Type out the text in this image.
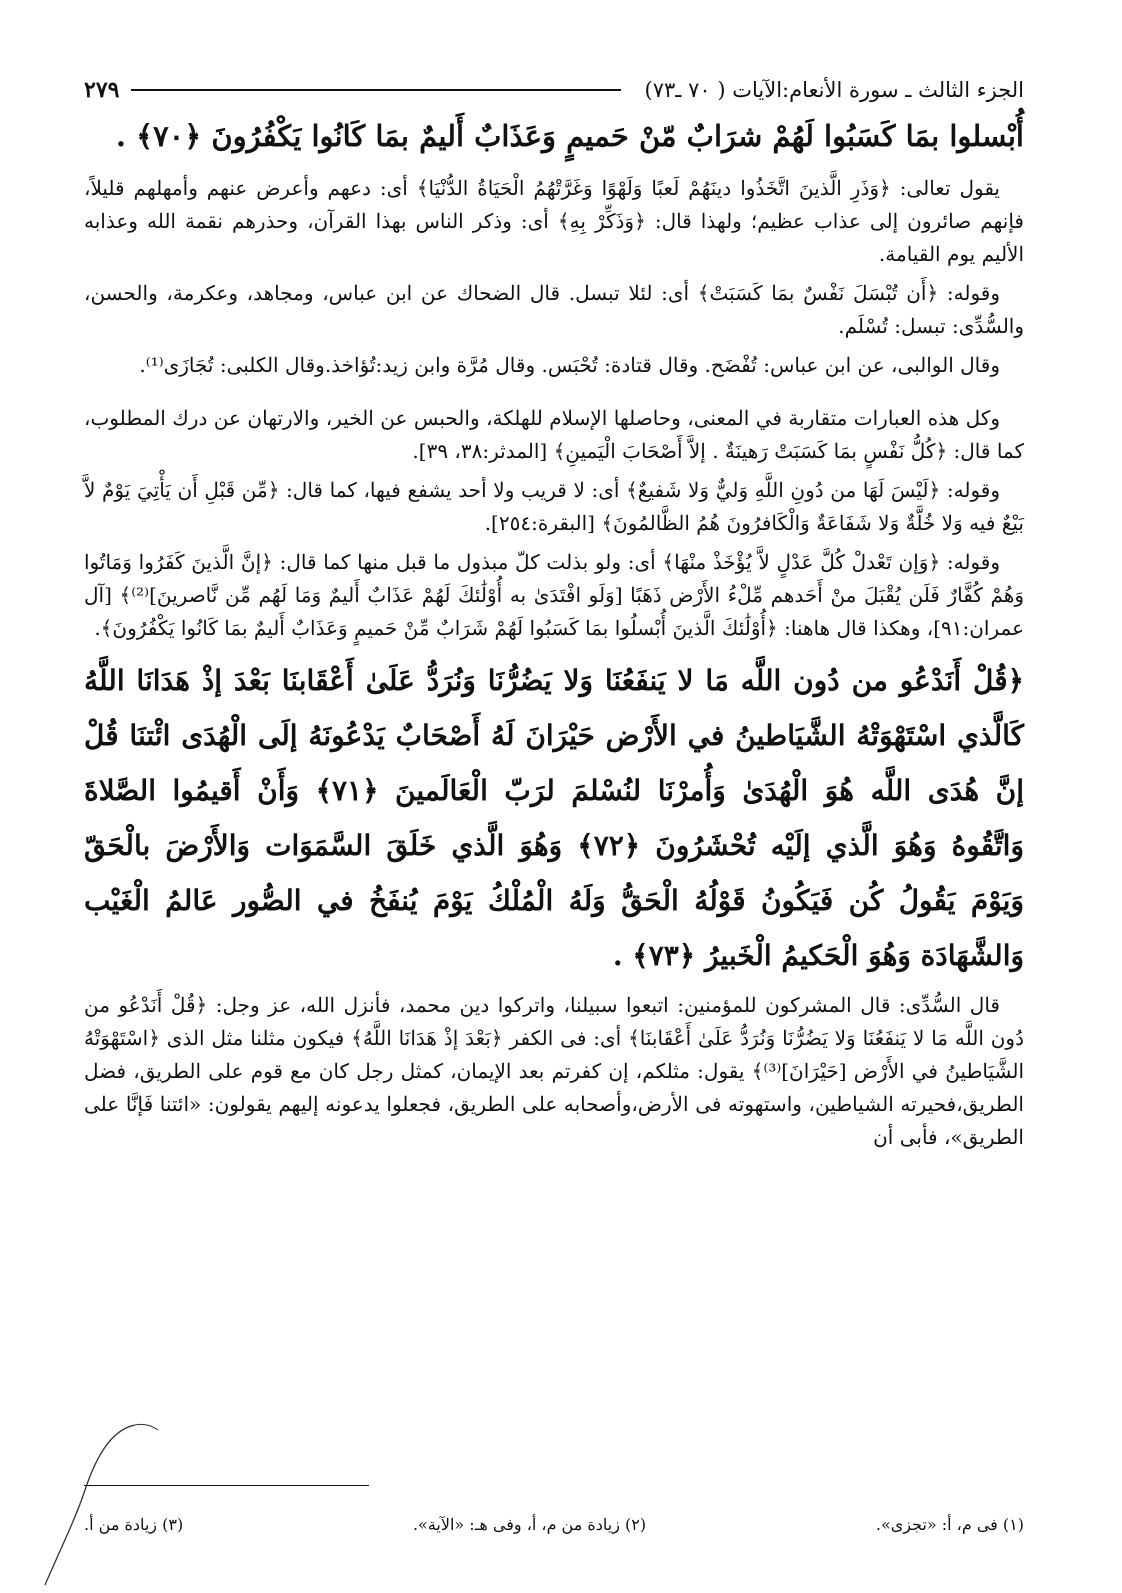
الجزء الثالث ـ سورة الأنعام:الآيات ( ٧٠ ـ٧٣)
٢٧٩

أُبْسلوا بمَا كَسَبُوا لَهُمْ شرَابٌ مّنْ حَميمٍ وَعَذَابٌ أَليمٌ بمَا كَانُوا يَكْفُرُونَ ﴿٧٠﴾ .

يقول تعالى: ﴿وَذَرِ الَّذينَ اتَّخَذُوا دينَهُمْ لَعبًا وَلَهْوًا وَغَرَّتْهُمُ الْحَيَاةُ الدُّنْيَا﴾ أى: دعهم وأعرض عنهم وأمهلهم قليلاً، فإنهم صائرون إلى عذاب عظيم؛ ولهذا قال: ﴿وَذَكِّرْ بِهِ﴾ أى: وذكر الناس بهذا القرآن، وحذرهم نقمة الله وعذابه الأليم يوم القيامة.

وقوله: ﴿أَن تُبْسَلَ نَفْسٌ بمَا كَسَبَتْ﴾ أى: لئلا تبسل. قال الضحاك عن ابن عباس، ومجاهد، وعكرمة، والحسن، والسُّدِّى: تبسل: تُسْلَم.

وقال الوالبى، عن ابن عباس: تُفْضَح. وقال قتادة: تُحْبَس. وقال مُرَّة وابن زيد:تُؤاخذ.وقال الكلبى: تُجَازَى⁽¹⁾.

وكل هذه العبارات متقاربة في المعنى، وحاصلها الإسلام للهلكة، والحبس عن الخير، والارتهان عن درك المطلوب، كما قال: ﴿كُلُّ نَفْسٍ بمَا كَسَبَتْ رَهينَةٌ . إلاَّ أَصْحَابَ الْيَمينِ﴾ [المدثر:٣٨، ٣٩].

وقوله: ﴿لَيْسَ لَهَا من دُونِ اللَّهِ وَليٌّ وَلا شَفيعٌ﴾ أى: لا قريب ولا أحد يشفع فيها، كما قال: ﴿مِّن قَبْلِ أَن يَأْتِيَ يَوْمٌ لاَّ بَيْعٌ فيه وَلا خُلَّةٌ وَلا شَفَاعَةٌ وَالْكَافرُونَ هُمُ الظَّالمُونَ﴾ [البقرة:٢٥٤].

وقوله: ﴿وَإن تَعْدلْ كُلَّ عَدْلٍ لاَّ يُؤْخَذْ منْهَا﴾ أى: ولو بذلت كلّ مبذول ما قبل منها كما قال: ﴿إنَّ الَّذينَ كَفَرُوا وَمَاتُوا وَهُمْ كُفَّارٌ فَلَن يُقْبَلَ منْ أَحَدهم مِّلْءُ الأَرْض ذَهَبًا [وَلَو افْتَدَىٰ به أُوْلَٰئكَ لَهُمْ عَذَابٌ أَليمٌ وَمَا لَهُم مِّن نَّاصرينَ]⁽²⁾﴾ [آل عمران:٩١]، وهكذا قال هاهنا: ﴿أُوْلَٰئكَ الَّذينَ أُبْسلُوا بمَا كَسَبُوا لَهُمْ شَرَابٌ مِّنْ حَميمٍ وَعَذَابٌ أَليمٌ بمَا كَانُوا يَكْفُرُونَ﴾.

﴿قُلْ أَنَدْعُو من دُون اللَّه مَا لا يَنفَعُنَا وَلا يَضُرُّنَا وَنُرَدُّ عَلَىٰ أَعْقَابنَا بَعْدَ إذْ هَدَانَا اللَّهُ كَالَّذي اسْتَهْوَتْهُ الشَّيَاطينُ في الأَرْض حَيْرَانَ لَهُ أَصْحَابٌ يَدْعُونَهُ إلَى الْهُدَى ائْتنَا قُلْ إنَّ هُدَى اللَّه هُوَ الْهُدَىٰ وَأُمرْنَا لنُسْلمَ لرَبّ الْعَالَمينَ ﴿٧١﴾ وَأَنْ أَقيمُوا الصَّلاةَ وَاتَّقُوهُ وَهُوَ الَّذي إلَيْه تُحْشَرُونَ ﴿٧٢﴾ وَهُوَ الَّذي خَلَقَ السَّمَوَات وَالأَرْضَ بالْحَقّ وَيَوْمَ يَقُولُ كُن فَيَكُونُ قَوْلُهُ الْحَقُّ وَلَهُ الْمُلْكُ يَوْمَ يُنفَخُ في الصُّور عَالمُ الْغَيْب وَالشَّهَادَة وَهُوَ الْحَكيمُ الْخَبيرُ ﴿٧٣﴾ .

قال السُّدِّى: قال المشركون للمؤمنين: اتبعوا سبيلنا، واتركوا دين محمد، فأنزل الله، عز وجل: ﴿قُلْ أَنَدْعُو من دُون اللَّه مَا لا يَنفَعُنَا وَلا يَضُرُّنَا وَنُرَدُّ عَلَىٰ أَعْقَابنَا﴾ أى: فى الكفر ﴿بَعْدَ إذْ هَدَانَا اللَّهُ﴾ فيكون مثلنا مثل الذى ﴿اسْتَهْوَتْهُ الشَّيَاطينُ في الأَرْض [حَيْرَانَ]⁽³⁾﴾ يقول: مثلكم، إن كفرتم بعد الإيمان، كمثل رجل كان مع قوم على الطريق، فضل الطريق،فحيرته الشياطين، واستهوته فى الأرض،وأصحابه على الطريق، فجعلوا يدعونه إليهم يقولون: «ائتنا فَإنَّا على الطريق»، فأبى أن

(١) فى م، أ: «تجزى».
(٢) زيادة من م، أ، وفى هـ: «الآية».
(٣) زيادة من أ.
